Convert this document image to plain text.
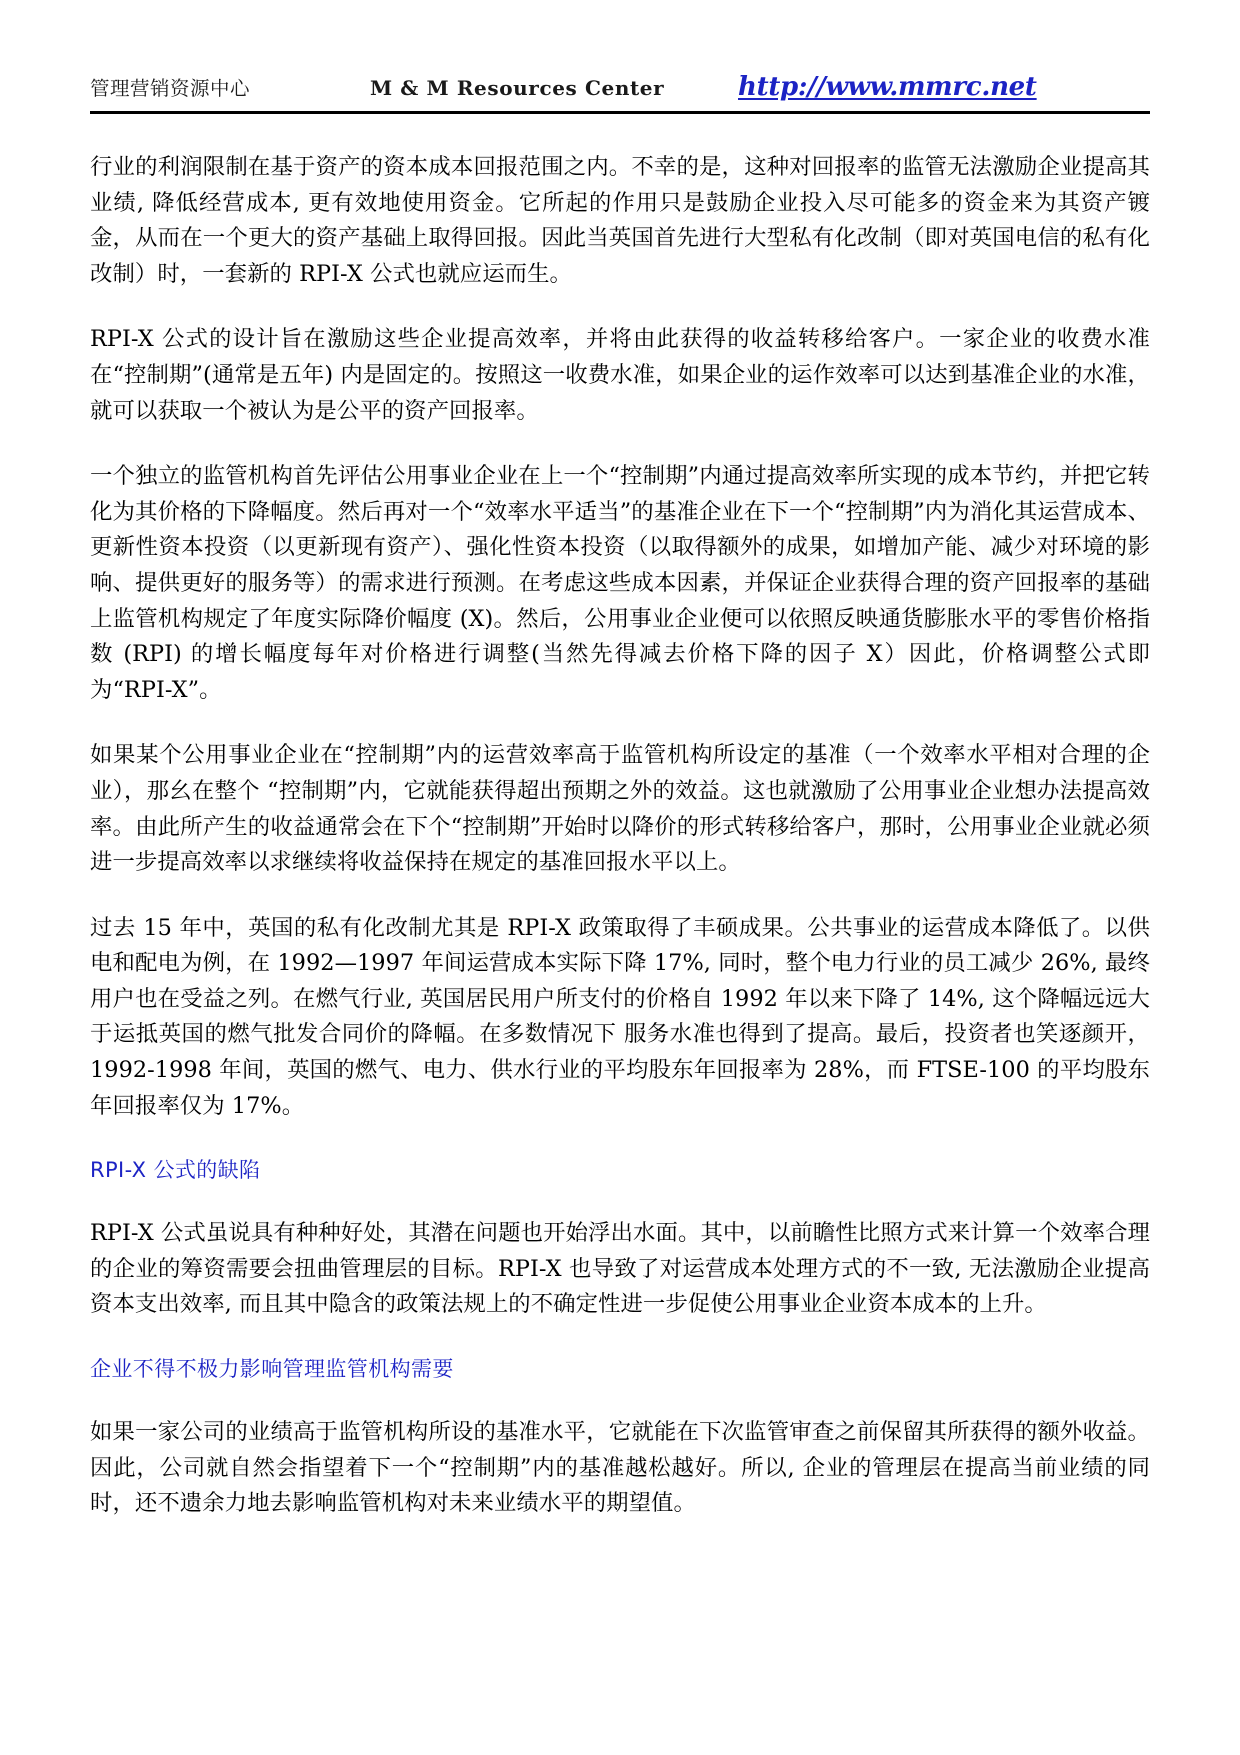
管理营销资源中心	M & M Resources Center	http://www.mmrc.net

行业的利润限制在基于资产的资本成本回报范围之内。不幸的是，这种对回报率的监管无法激励企业提高其业绩, 降低经营成本, 更有效地使用资金。它所起的作用只是鼓励企业投入尽可能多的资金来为其资产镀金，从而在一个更大的资产基础上取得回报。因此当英国首先进行大型私有化改制（即对英国电信的私有化改制）时，一套新的 RPI-X 公式也就应运而生。

RPI-X 公式的设计旨在激励这些企业提高效率，并将由此获得的收益转移给客户。一家企业的收费水准在“控制期”(通常是五年) 内是固定的。按照这一收费水准，如果企业的运作效率可以达到基准企业的水准，就可以获取一个被认为是公平的资产回报率。

一个独立的监管机构首先评估公用事业企业在上一个“控制期”内通过提高效率所实现的成本节约，并把它转化为其价格的下降幅度。然后再对一个“效率水平适当”的基准企业在下一个“控制期”内为消化其运营成本、更新性资本投资（以更新现有资产）、强化性资本投资（以取得额外的成果，如增加产能、减少对环境的影响、提供更好的服务等）的需求进行预测。在考虑这些成本因素，并保证企业获得合理的资产回报率的基础上监管机构规定了年度实际降价幅度 (X)。然后，公用事业企业便可以依照反映通货膨胀水平的零售价格指数 (RPI) 的增长幅度每年对价格进行调整(当然先得减去价格下降的因子 X）因此，价格调整公式即为“RPI-X”。

如果某个公用事业企业在“控制期”内的运营效率高于监管机构所设定的基准（一个效率水平相对合理的企业），那幺在整个 “控制期”内，它就能获得超出预期之外的效益。这也就激励了公用事业企业想办法提高效率。由此所产生的收益通常会在下个“控制期”开始时以降价的形式转移给客户，那时，公用事业企业就必须进一步提高效率以求继续将收益保持在规定的基准回报水平以上。

过去 15 年中，英国的私有化改制尤其是 RPI-X 政策取得了丰硕成果。公共事业的运营成本降低了。以供电和配电为例，在 1992—1997 年间运营成本实际下降 17%, 同时，整个电力行业的员工减少 26%, 最终用户也在受益之列。在燃气行业, 英国居民用户所支付的价格自 1992 年以来下降了 14%, 这个降幅远远大于运抵英国的燃气批发合同价的降幅。在多数情况下 服务水准也得到了提高。最后，投资者也笑逐颜开，1992-1998 年间，英国的燃气、电力、供水行业的平均股东年回报率为 28%，而 FTSE-100 的平均股东年回报率仅为 17%。

RPI-X 公式的缺陷

RPI-X 公式虽说具有种种好处，其潜在问题也开始浮出水面。其中，以前瞻性比照方式来计算一个效率合理的企业的筹资需要会扭曲管理层的目标。RPI-X 也导致了对运营成本处理方式的不一致, 无法激励企业提高资本支出效率, 而且其中隐含的政策法规上的不确定性进一步促使公用事业企业资本成本的上升。

企业不得不极力影响管理监管机构需要

如果一家公司的业绩高于监管机构所设的基准水平，它就能在下次监管审查之前保留其所获得的额外收益。因此，公司就自然会指望着下一个“控制期”内的基准越松越好。所以, 企业的管理层在提高当前业绩的同时，还不遗余力地去影响监管机构对未来业绩水平的期望值。
